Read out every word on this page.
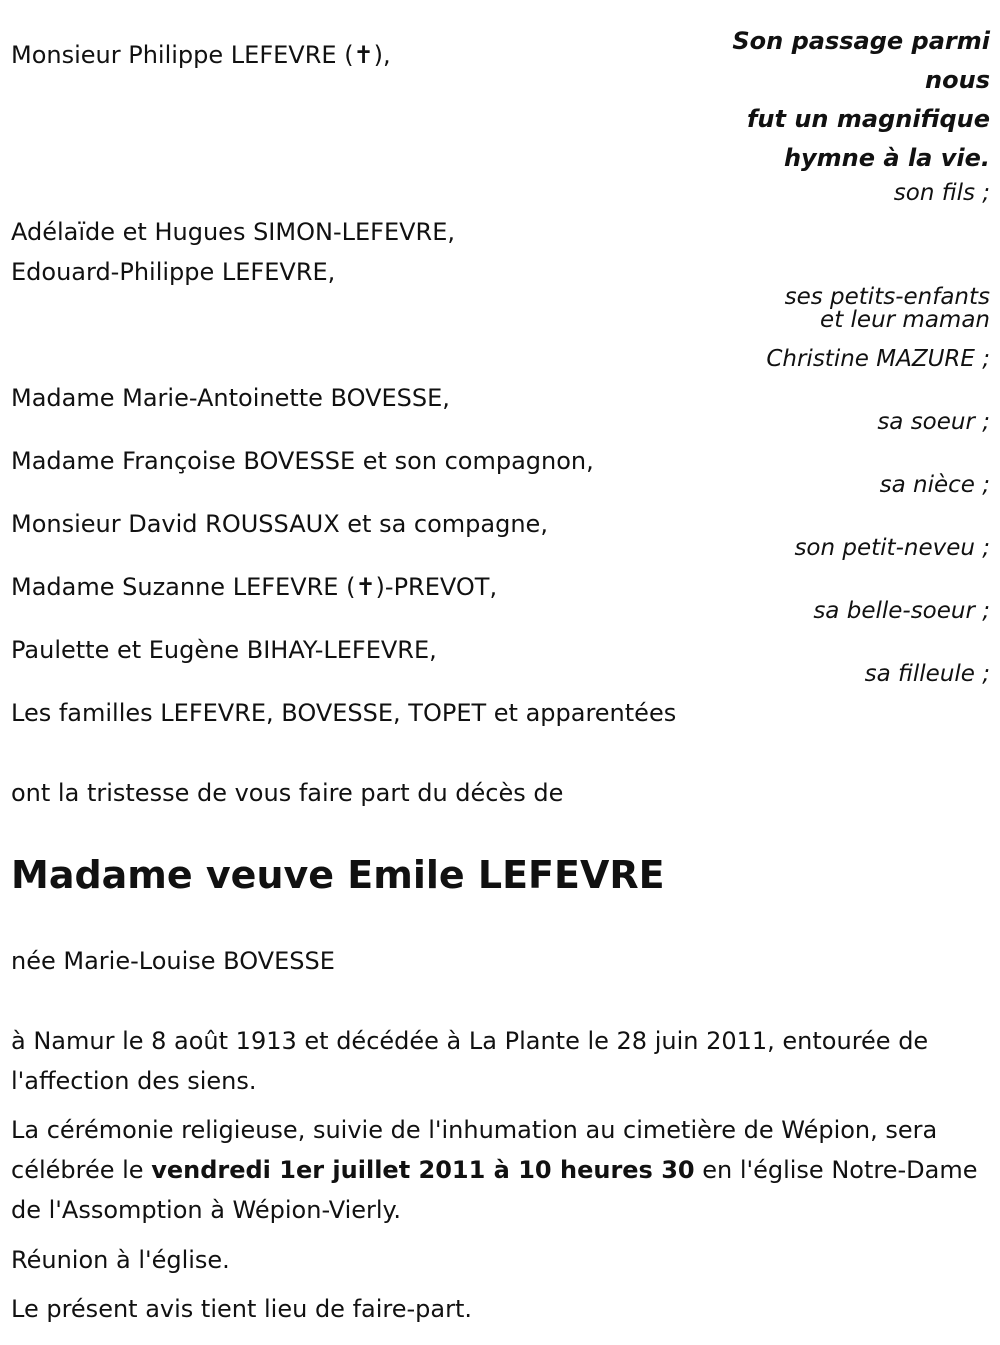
Son passage parmi
nous
fut un magnifique
hymne à la vie.
Monsieur Philippe LEFEVRE (✝),
son fils ;
Adélaïde et Hugues SIMON-LEFEVRE,
Edouard-Philippe LEFEVRE,
ses petits-enfants
et leur maman
Christine MAZURE ;
Madame Marie-Antoinette BOVESSE,
sa soeur ;
Madame Françoise BOVESSE et son compagnon,
sa nièce ;
Monsieur David ROUSSAUX et sa compagne,
son petit-neveu ;
Madame Suzanne LEFEVRE (✝)-PREVOT,
sa belle-soeur ;
Paulette et Eugène BIHAY-LEFEVRE,
sa filleule ;
Les familles LEFEVRE, BOVESSE, TOPET et apparentées
ont la tristesse de vous faire part du décès de
Madame veuve Emile LEFEVRE
née Marie-Louise BOVESSE
à Namur le 8 août 1913 et décédée à La Plante le 28 juin 2011, entourée de l'affection des siens.
La cérémonie religieuse, suivie de l'inhumation au cimetière de Wépion, sera célébrée le vendredi 1er juillet 2011 à 10 heures 30 en l'église Notre-Dame de l'Assomption à Wépion-Vierly.
Réunion à l'église.
Le présent avis tient lieu de faire-part.
